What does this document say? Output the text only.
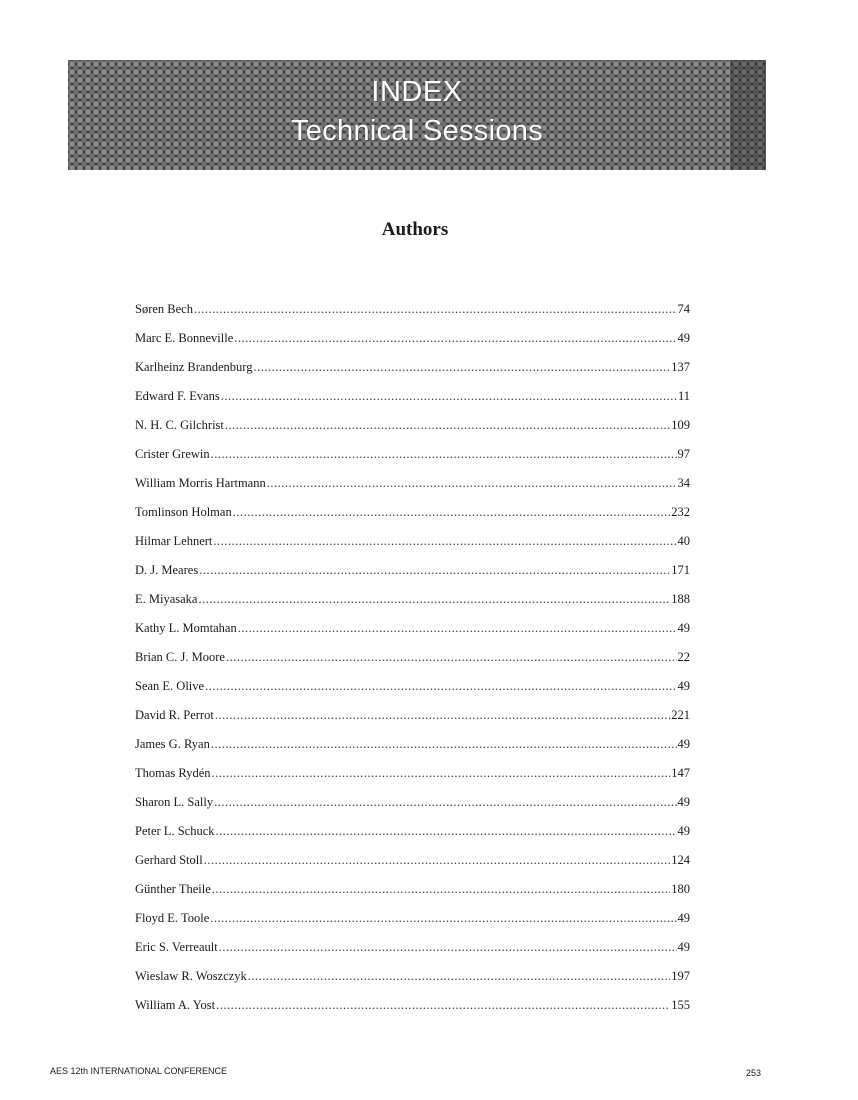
INDEX
Technical Sessions
Authors
Søren Bech .....	74
Marc E. Bonneville .....	49
Karlheinz Brandenburg .....	137
Edward F. Evans .....	11
N. H. C. Gilchrist .....	109
Crister Grewin .....	97
William Morris Hartmann .....	34
Tomlinson Holman .....	232
Hilmar Lehnert .....	40
D. J. Meares .....	171
E. Miyasaka .....	188
Kathy L. Momtahan .....	49
Brian C. J. Moore .....	22
Sean E. Olive .....	49
David R. Perrot .....	221
James G. Ryan .....	49
Thomas Rydén .....	147
Sharon L. Sally .....	49
Peter L. Schuck .....	49
Gerhard Stoll .....	124
Günther Theile .....	180
Floyd E. Toole .....	49
Eric S. Verreault .....	49
Wieslaw R. Woszczyk .....	197
William A. Yost .....	155
AES 12th INTERNATIONAL CONFERENCE	253
